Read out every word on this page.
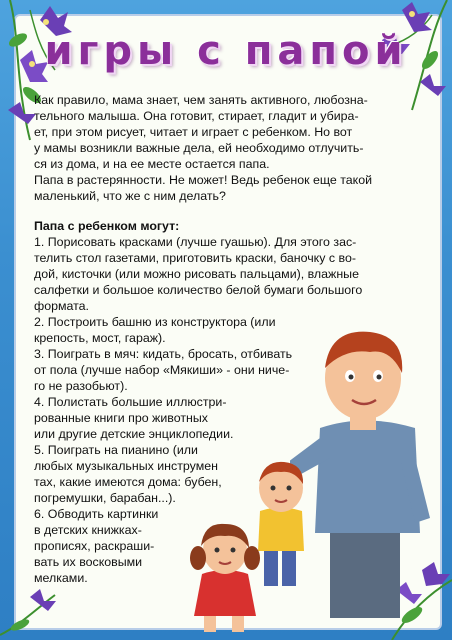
игры с папой

Как правило, мама знает, чем занять активного, любозна-
тельного малыша. Она готовит, стирает, гладит и убира-
ет, при этом рисует, читает и играет с ребенком. Но вот
у мамы возникли важные дела, ей необходимо отлучить-
ся из дома, и на ее месте остается папа.
Папа в растерянности. Не может! Ведь ребенок еще такой
маленький, что же с ним делать?

Папа с ребенком могут:

1. Порисовать красками (лучше гуашью). Для этого зас-
телить стол газетами, приготовить краски, баночку с во-
дой, кисточки (или можно рисовать пальцами), влажные
салфетки и большое количество белой бумаги большого
формата.

2. Построить башню из конструктора (или
крепость, мост, гараж).

3. Поиграть в мяч: кидать, бросать, отбивать
от пола (лучше набор «Мякиши» - они ниче-
го не разобьют).

4. Полистать большие иллюстри-
рованные книги про животных
или другие детские энциклопедии.

5. Поиграть на пианино (или
любых музыкальных инструмен
тах, какие имеются дома: бубен,
погремушки, барабан...).

6. Обводить картинки
в детских книжках-
прописях, раскраши-
вать их восковыми
мелками.
